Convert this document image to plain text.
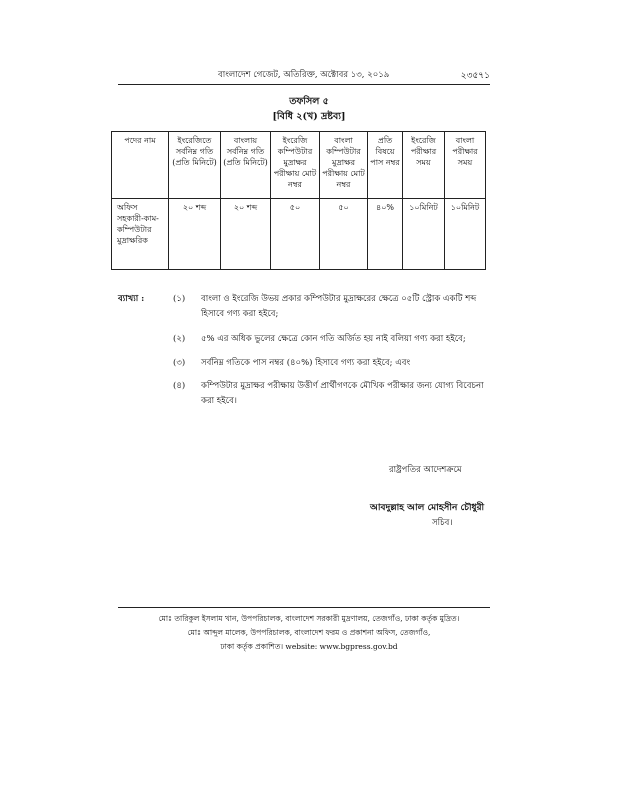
বাংলাদেশ গেজেট, অতিরিক্ত, অক্টোবর ১৩, ২০১৯	২৩৫৭১
তফসিল ৫
[বিধি ২(খ) দ্রষ্টব্য]
পদের নাম	ইংরেজিতে সর্বনিম্ন গতি (প্রতি মিনিটে)	বাংলায় সর্বনিম্ন গতি (প্রতি মিনিটে)	ইংরেজি কম্পিউটার মুদ্রাক্ষর পরীক্ষায় মোট নম্বর	বাংলা কম্পিউটার মুদ্রাক্ষর পরীক্ষায় মোট নম্বর	প্রতি বিষয়ে পাস নম্বর	ইংরেজি পরীক্ষার সময়	বাংলা পরীক্ষার সময়
অফিস সহকারী-কাম-কম্পিউটার মুদ্রাক্ষরিক	২০ শব্দ	২০ শব্দ	৫০	৫০	৪০%	১০মিনিট	১০মিনিট
ব্যাখ্যা :	(১) বাংলা ও ইংরেজি উভয় প্রকার কম্পিউটার মুদ্রাক্ষরের ক্ষেত্রে ০৫টি স্ট্রোক একটি শব্দ হিসাবে গণ্য করা হইবে;
(২) ৫% এর অধিক ভুলের ক্ষেত্রে কোন গতি অর্জিত হয় নাই বলিয়া গণ্য করা হইবে;
(৩) সর্বনিম্ন গতিকে পাস নম্বর (৪০%) হিসাবে গণ্য করা হইবে; এবং
(৪) কম্পিউটার মুদ্রাক্ষর পরীক্ষায় উত্তীর্ণ প্রার্থীগণকে মৌখিক পরীক্ষার জন্য যোগ্য বিবেচনা করা হইবে।
রাষ্ট্রপতির আদেশক্রমে
আবদুল্লাহ আল মোহসীন চৌধুরী
সচিব।
মোঃ তারিকুল ইসলাম খান, উপপরিচালক, বাংলাদেশ সরকারী মুদ্রণালয়, তেজগাঁও, ঢাকা কর্তৃক মুদ্রিত।
মোঃ আব্দুল মালেক, উপপরিচালক, বাংলাদেশ ফরম ও প্রকাশনা অফিস, তেজগাঁও,
ঢাকা কর্তৃক প্রকাশিত। website: www.bgpress.gov.bd
